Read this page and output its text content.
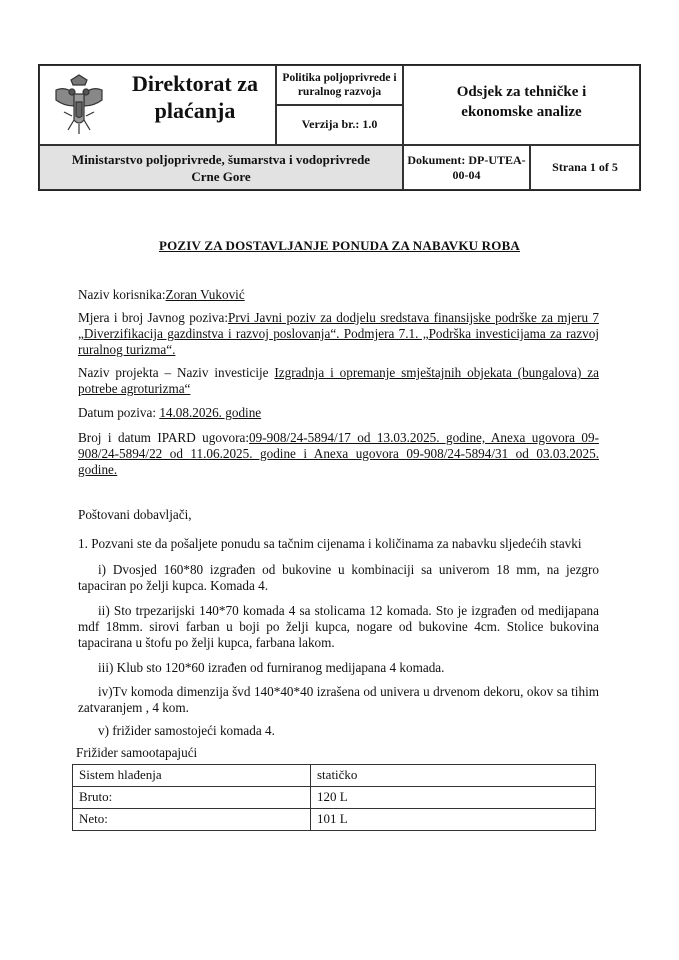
Direktorat za plaćanja
Politika poljoprivrede i ruralnog razvoja
Verzija br.: 1.0
Odsjek za tehničke i ekonomske analize
Ministarstvo poljoprivrede, šumarstva i vodoprivrede Crne Gore
Dokument: DP-UTEA-00-04
Strana 1 of 5
POZIV ZA DOSTAVLJANJE PONUDA ZA NABAVKU ROBA
Naziv korisnika:Zoran Vuković
Mjera i broj Javnog poziva:Prvi Javni poziv za dodjelu sredstava finansijske podrške za mjeru 7 „Diverzifikacija gazdinstva i razvoj poslovanja“. Podmjera 7.1. „Podrška investicijama za razvoj ruralnog turizma“.
Naziv projekta – Naziv investicije Izgradnja i opremanje smještajnih objekata (bungalova) za potrebe agroturizma“
Datum poziva: 14.08.2026. godine
Broj i datum IPARD ugovora:09-908/24-5894/17 od 13.03.2025. godine, Anexa ugovora 09-908/24-5894/22 od 11.06.2025. godine i Anexa ugovora 09-908/24-5894/31 od 03.03.2025. godine.
Poštovani dobavljači,
1. Pozvani ste da pošaljete ponudu sa tačnim cijenama i količinama za nabavku sljedećih stavki
i) Dvosjed 160*80 izgrađen od bukovine u kombinaciji sa univerom 18 mm, na jezgro tapaciran po želji kupca. Komada 4.
ii) Sto trpezarijski 140*70 komada 4 sa stolicama 12 komada. Sto je izgrađen od medijapana mdf 18mm. sirovi farban u boji po želji kupca, nogare od bukovine 4cm. Stolice bukovina tapacirana u štofu po želji kupca, farbana lakom.
iii) Klub sto 120*60 izrađen od furniranog medijapana 4 komada.
iv)Tv komoda dimenzija švd 140*40*40 izrašena od univera u drvenom dekoru, okov sa tihim zatvaranjem , 4 kom.
v) frižider samostojeći komada 4.
Frižider samootapajući
Sistem hlađenja	statičko
Bruto:	120 L
Neto:	101 L
